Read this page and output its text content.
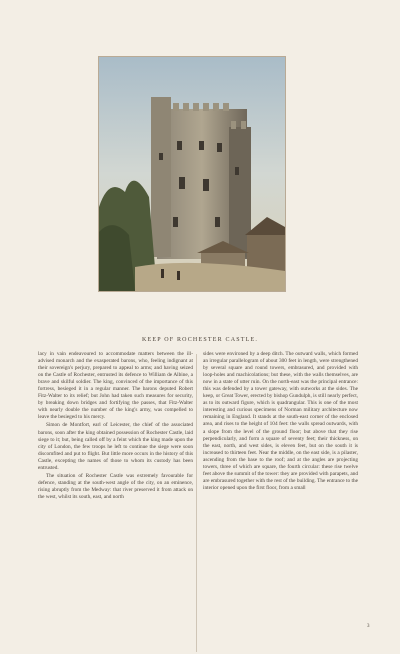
KEEP OF ROCHESTER CASTLE.

lacy in vain endeavoured to accommodate matters between the ill-advised monarch and the exasperated barons, who, feeling indignant at their sovereign's perjury, prepared to appeal to arms; and having seized on the Castle of Rochester, entrusted its defence to William de Albine, a brave and skilful soldier. The king, convinced of the importance of this fortress, besieged it in a regular manner. The barons deputed Robert Fitz-Walter to its relief; but John had taken such measures for security, by breaking down bridges and fortifying the passes, that Fitz-Walter with nearly double the number of the king's army, was compelled to leave the besieged to his mercy.

Simon de Montfort, earl of Leicester, the chief of the associated barons, soon after the king obtained possession of Rochester Castle, laid siege to it; but, being called off by a feint which the king made upon the city of London, the few troops he left to continue the siege were soon discomfited and put to flight. But little more occurs in the history of this Castle, excepting the names of those to whom its custody has been entrusted.

The situation of Rochester Castle was extremely favourable for defence, standing at the south-west angle of the city, on an eminence, rising abruptly from the Medway: that river preserved it from attack on the west, whilst its south, east, and north

sides were environed by a deep ditch. The outward walls, which formed an irregular parallelogram of about 300 feet in length, were strengthened by several square and round towers, embrasured, and provided with loop-holes and machicolations; but these, with the walls themselves, are now in a state of utter ruin. On the north-east was the principal entrance: this was defended by a tower gateway, with outworks at the sides. The keep, or Great Tower, erected by bishop Gundulph, is still nearly perfect, as to its outward figure, which is quadrangular. This is one of the most interesting and curious specimens of Norman military architecture now remaining in England. It stands at the south-east corner of the enclosed area, and rises to the height of 104 feet: the walls spread outwards, with a slope from the level of the ground floor; but above that they rise perpendicularly, and form a square of seventy feet; their thickness, on the east, north, and west sides, is eleven feet, but on the south it is increased to thirteen feet. Near the middle, on the east side, is a pilaster, ascending from the base to the roof; and at the angles are projecting towers, three of which are square, the fourth circular: these rise twelve feet above the summit of the tower: they are provided with parapets, and are embrasured together with the rest of the building. The entrance to the interior opened upon the first floor, from a small

3
